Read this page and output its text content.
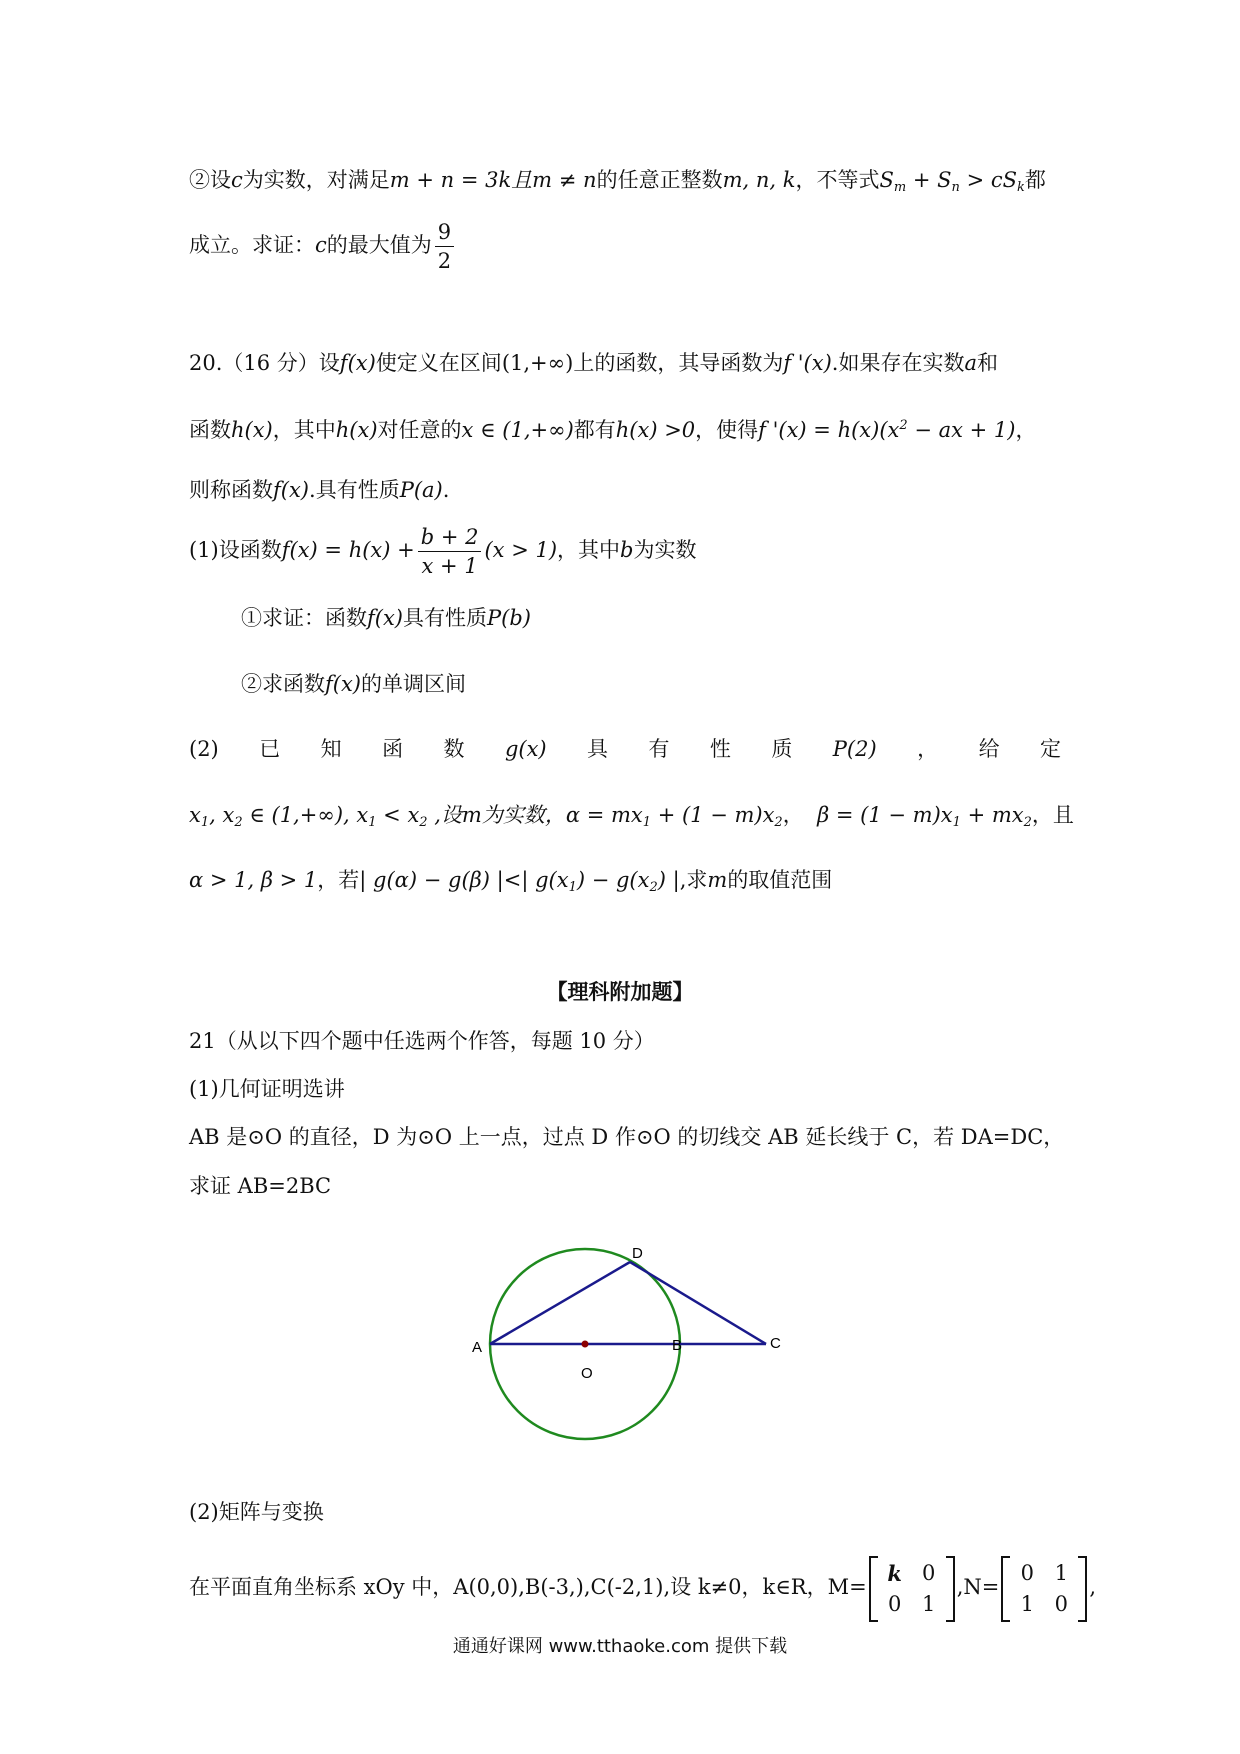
②设c为实数，对满足m + n = 3k且m ≠ n的任意正整数m, n, k，不等式$S_m + S_n > cS_k$都
成立。求证：c的最大值为 $\frac{9}{2}$
20.（16 分）设f(x)使定义在区间(1,+∞)上的函数，其导函数为f '(x).如果存在实数a和
函数h(x)，其中h(x)对任意的x ∈ (1,+∞)都有h(x) >0，使得f '$(x) = h(x)(x^2$ − ax + 1)，
则称函数f(x).具有性质P(a).
(1)设函数$f(x) = h(x) + \frac{b + 2}{x + 1} (x > 1)$，其中b为实数
①求证：函数f(x)具有性质P(b)
②求函数f(x)的单调区间
(2) 已 知 函 数 g(x) 具 有 性 质 P(2) ， 给 定
$x_1$, $x_2$ ∈ (1,+∞), $x_1 < x_2$ ,设m为实数，$\alpha = mx_1 + (1 - m)x_2$， $\beta = (1 - m)x_1 + mx_2$，且
α > 1, β > 1，若| g(α) − g(β) |<| $g(x_1) - g(x_2)$ |,求m的取值范围
【理科附加题】
21（从以下四个题中任选两个作答，每题 10 分）
(1)几何证明选讲
AB 是⊙O 的直径，D 为⊙O 上一点，过点 D 作⊙O 的切线交 AB 延长线于 C，若 DA=DC，
求证 AB=2BC
A	B	C
D
O
(2)矩阵与变换
在平面直角坐标系 xOy 中，A(0,0),B(-3,),C(-2,1),设 k≠0，k∈R，M=
k 0
0 1
,N=
0 1
1 0
,
通通好课网 www.tthaoke.com 提供下载
